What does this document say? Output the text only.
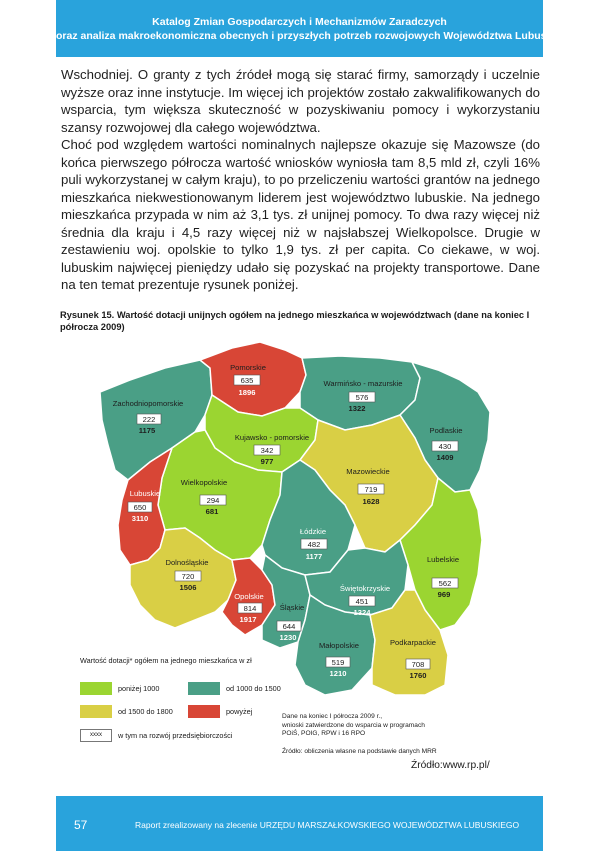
Katalog Zmian Gospodarczych i Mechanizmów Zaradczych
oraz analiza makroekonomiczna obecnych i przyszłych potrzeb rozwojowych Województwa Lubuskiego

Wschodniej. O granty z tych źródeł mogą się starać firmy, samorządy i uczelnie wyższe oraz inne instytucje. Im więcej ich projektów zostało zakwalifikowanych do wsparcia, tym większa skuteczność w pozyskiwaniu pomocy i wykorzystaniu szansy rozwojowej dla całego województwa.

Choć pod względem wartości nominalnych najlepsze okazuje się Mazowsze (do końca pierwszego półrocza wartość wniosków wyniosła tam 8,5 mld zł, czyli 16% puli wykorzystanej w całym kraju), to po przeliczeniu wartości grantów na jednego mieszkańca niekwestionowanym liderem jest województwo lubuskie. Na jednego mieszkańca przypada w nim aż 3,1 tys. zł unijnej pomocy. To dwa razy więcej niż średnia dla kraju i 4,5 razy więcej niż w najsłabszej Wielkopolsce. Drugie w zestawieniu woj. opolskie to tylko 1,9 tys. zł per capita. Co ciekawe, w woj. lubuskim najwięcej pieniędzy udało się pozyskać na projekty transportowe. Dane na ten temat prezentuje rysunek poniżej.

Rysunek 15. Wartość dotacji unijnych ogółem na jednego mieszkańca w województwach (dane na koniec I półrocza 2009)
Pomorskie
635
1896
Warmińsko - mazurskie
576
1322
Zachodniopomorskie
222
1175	Podlaskie
430
1409
Kujawsko - pomorskie
342
977
Mazowieckie
719
1628
Wielkopolskie
294
681
Lubuskie
650
3110
Łódzkie
482
1177	Lubelskie
562
969
Dolnośląskie
720
1506	Świętokrzyskie
451
1324
Opolskie
814
1917
Śląskie
644
1230
Podkarpackie
708
1760
Małopolskie
519
1210
Wartość dotacji* ogółem na jednego mieszkańca w zł
poniżej 1000	od 1000 do 1500
od 1500 do 1800	powyżej
xxxx	w tym na rozwój przedsiębiorczości
Dane na koniec I półrocza 2009 r.,
wnioski zatwierdzone do wsparcia w programach
POiŚ, POIG, RPW i 16 RPO
Źródło: obliczenia własne na podstawie danych MRR
Źródło:www.rp.pl/
57	Raport zrealizowany na zlecenie URZĘDU MARSZAŁKOWSKIEGO WOJEWÓDZTWA LUBUSKIEGO
